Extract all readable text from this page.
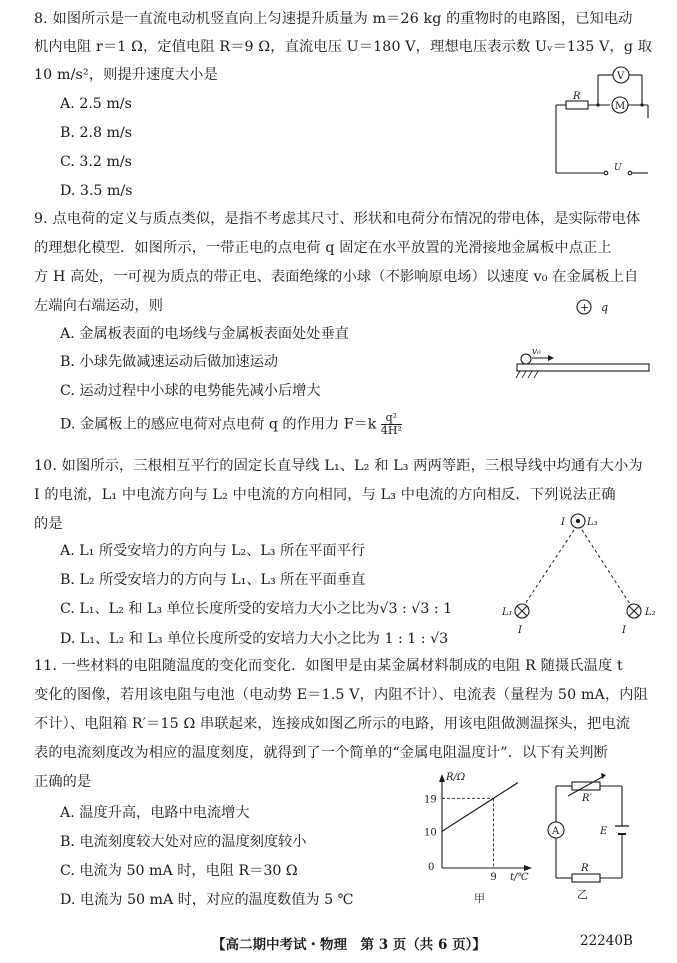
8. 如图所示是一直流电动机竖直向上匀速提升质量为 m＝26 kg 的重物时的电路图，已知电动
机内电阻 r＝1 Ω，定值电阻 R＝9 Ω，直流电压 U＝180 V，理想电压表示数 Uᵥ＝135 V，g 取
10 m/s²，则提升速度大小是
A. 2.5 m/s
B. 2.8 m/s
C. 3.2 m/s
D. 3.5 m/s
R
V
M
U
9. 点电荷的定义与质点类似，是指不考虑其尺寸、形状和电荷分布情况的带电体，是实际带电体
的理想化模型．如图所示，一带正电的点电荷 q 固定在水平放置的光滑接地金属板中点正上
方 H 高处，一可视为质点的带正电、表面绝缘的小球（不影响原电场）以速度 v₀ 在金属板上自
左端向右端运动，则
A. 金属板表面的电场线与金属板表面处处垂直
B. 小球先做减速运动后做加速运动
C. 运动过程中小球的电势能先减小后增大
D. 金属板上的感应电荷对点电荷 q 的作用力 $F=k \frac{\text{q²}}{\text{4H²}}$
+ q
v₀
10. 如图所示，三根相互平行的固定长直导线 L₁、L₂ 和 L₃ 两两等距，三根导线中均通有大小为
I 的电流，L₁ 中电流方向与 L₂ 中电流的方向相同，与 L₃ 中电流的方向相反．下列说法正确
的是
A. L₁ 所受安培力的方向与 L₂、L₃ 所在平面平行
B. L₂ 所受安培力的方向与 L₁、L₃ 所在平面垂直
C. L₁、L₂ 和 L₃ 单位长度所受的安培力大小之比为√3 : √3 : 1
D. L₁、L₂ 和 L₃ 单位长度所受的安培力大小之比为 1 : 1 : √3
I L₃
L₁
I
L₂
I
11. 一些材料的电阻随温度的变化而变化．如图甲是由某金属材料制成的电阻 R 随摄氏温度 t
变化的图像，若用该电阻与电池（电动势 E＝1.5 V，内阻不计）、电流表（量程为 50 mA，内阻
不计）、电阻箱 R′＝15 Ω 串联起来，连接成如图乙所示的电路，用该电阻做测温探头，把电流
表的电流刻度改为相应的温度刻度，就得到了一个简单的“金属电阻温度计”．以下有关判断
正确的是
A. 温度升高，电路中电流增大
B. 电流刻度较大处对应的温度刻度较小
C. 电流为 50 mA 时，电阻 R＝30 Ω
D. 电流为 50 mA 时，对应的温度数值为 5 ℃
R/Ω
t/℃
19
10
0
9
甲
R′
A	E
R
乙
【高二期中考试・物理　第 3 页（共 6 页）】	22240B
